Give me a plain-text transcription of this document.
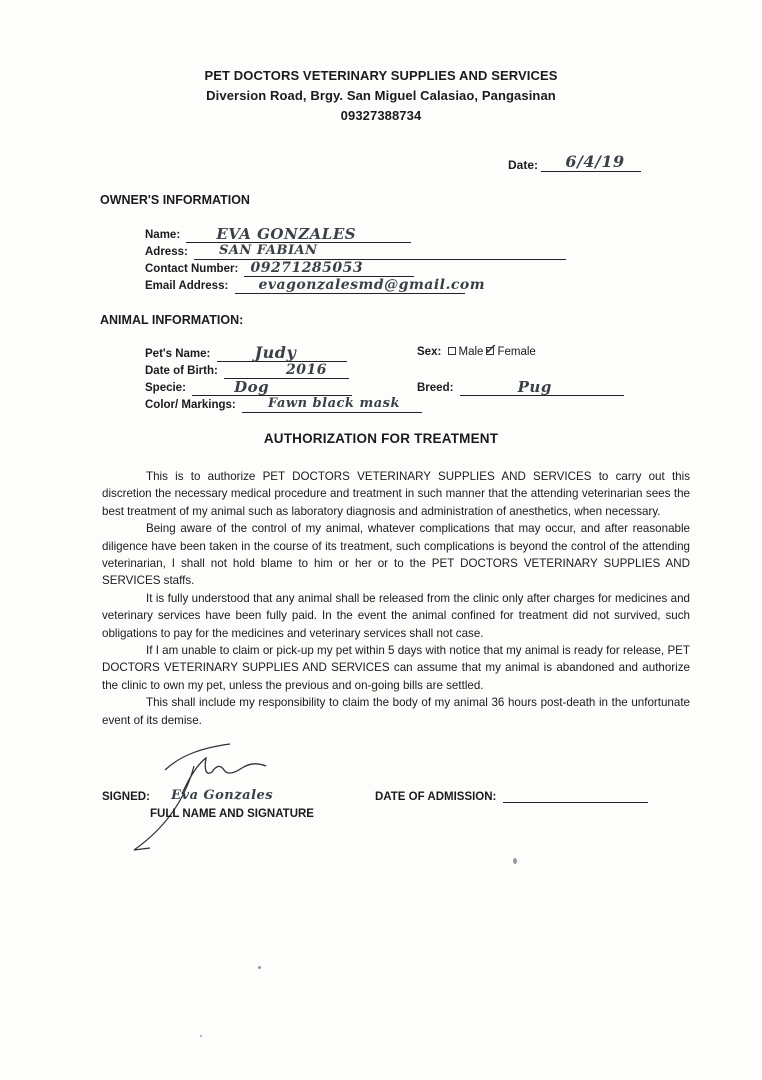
PET DOCTORS VETERINARY SUPPLIES AND SERVICES
Diversion Road, Brgy. San Miguel Calasiao, Pangasinan
09327388734
Date: 6/4/19
OWNER'S INFORMATION
Name: EVA GONZALES
Adress: SAN FABIAN
Contact Number: 09271285053
Email Address: evagonzalesmd@gmail.com
ANIMAL INFORMATION:
Pet's Name:	Judy
Date of Birth:	2016
Specie:	Dog
Color/ Markings: Fawn black mask
Sex: Male ✓ Female
Breed:	Pug
AUTHORIZATION FOR TREATMENT

This is to authorize PET DOCTORS VETERINARY SUPPLIES AND SERVICES to carry out this discretion the necessary medical procedure and treatment in such manner that the attending veterinarian sees the best treatment of my animal such as laboratory diagnosis and administration of anesthetics, when necessary.

Being aware of the control of my animal, whatever complications that may occur, and after reasonable diligence have been taken in the course of its treatment, such complications is beyond the control of the attending veterinarian, I shall not hold blame to him or her or to the PET DOCTORS VETERINARY SUPPLIES AND SERVICES staffs.

It is fully understood that any animal shall be released from the clinic only after charges for medicines and veterinary services have been fully paid. In the event the animal confined for treatment did not survived, such obligations to pay for the medicines and veterinary services shall not case.

If I am unable to claim or pick-up my pet within 5 days with notice that my animal is ready for release, PET DOCTORS VETERINARY SUPPLIES AND SERVICES can assume that my animal is abandoned and authorize the clinic to own my pet, unless the previous and on-going bills are settled.

This shall include my responsibility to claim the body of my animal 36 hours post-death in the unfortunate event of its demise.

SIGNED: Eva Gonzales
FULL NAME AND SIGNATURE
DATE OF ADMISSION:
